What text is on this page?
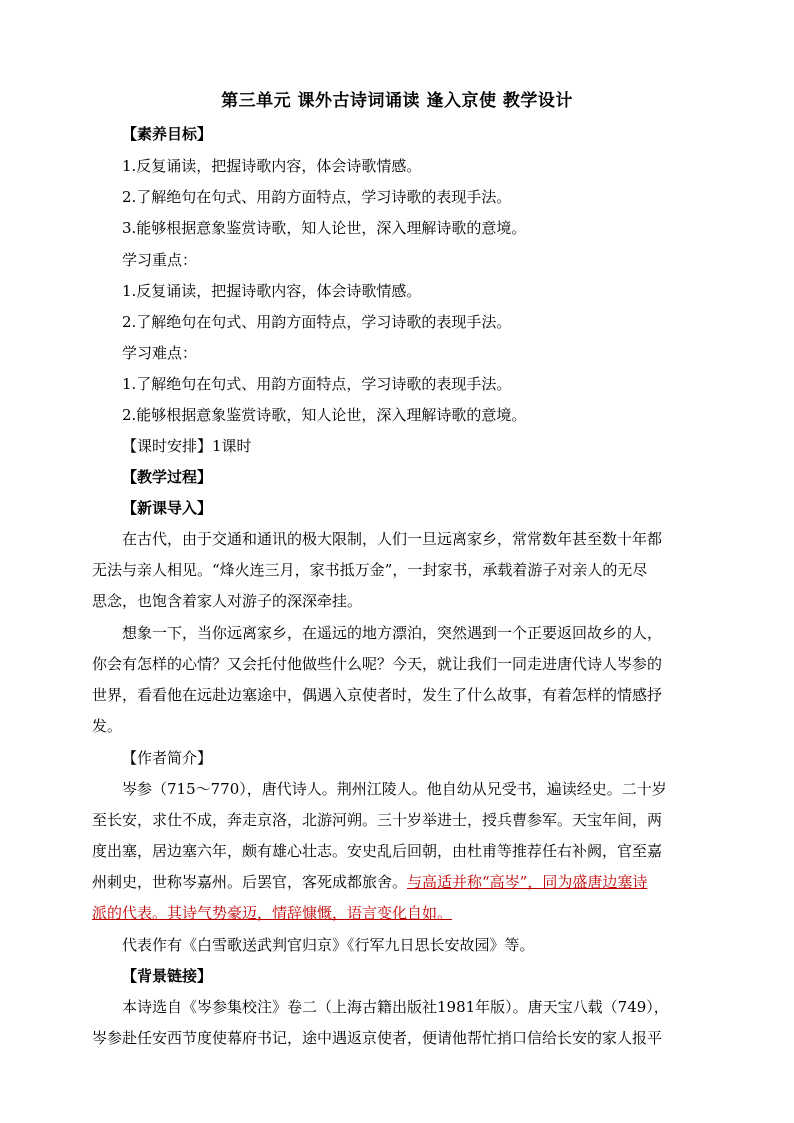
第三单元 课外古诗词诵读 逢入京使 教学设计
【素养目标】
1.反复诵读，把握诗歌内容，体会诗歌情感。
2.了解绝句在句式、用韵方面特点，学习诗歌的表现手法。
3.能够根据意象鉴赏诗歌，知人论世，深入理解诗歌的意境。
学习重点：
1.反复诵读，把握诗歌内容，体会诗歌情感。
2.了解绝句在句式、用韵方面特点，学习诗歌的表现手法。
学习难点：
1.了解绝句在句式、用韵方面特点，学习诗歌的表现手法。
2.能够根据意象鉴赏诗歌，知人论世，深入理解诗歌的意境。
【课时安排】1课时
【教学过程】
【新课导入】
在古代，由于交通和通讯的极大限制，人们一旦远离家乡，常常数年甚至数十年都
无法与亲人相见。“烽火连三月，家书抵万金”，一封家书，承载着游子对亲人的无尽
思念，也饱含着家人对游子的深深牵挂。
想象一下，当你远离家乡，在遥远的地方漂泊，突然遇到一个正要返回故乡的人，
你会有怎样的心情？又会托付他做些什么呢？今天，就让我们一同走进唐代诗人岑参的
世界，看看他在远赴边塞途中，偶遇入京使者时，发生了什么故事，有着怎样的情感抒
发。
【作者简介】
岑参（715～770），唐代诗人。荆州江陵人。他自幼从兄受书，遍读经史。二十岁
至长安，求仕不成，奔走京洛，北游河朔。三十岁举进士，授兵曹参军。天宝年间，两
度出塞，居边塞六年，颇有雄心壮志。安史乱后回朝，由杜甫等推荐任右补阙，官至嘉
州刺史，世称岑嘉州。后罢官，客死成都旅舍。与高适并称“高岑”，同为盛唐边塞诗
派的代表。其诗气势豪迈，情辞慷慨，语言变化自如。
代表作有《白雪歌送武判官归京》《行军九日思长安故园》等。
【背景链接】
本诗选自《岑参集校注》卷二（上海古籍出版社1981年版）。唐天宝八载（749），
岑参赴任安西节度使幕府书记，途中遇返京使者，便请他帮忙捎口信给长安的家人报平
